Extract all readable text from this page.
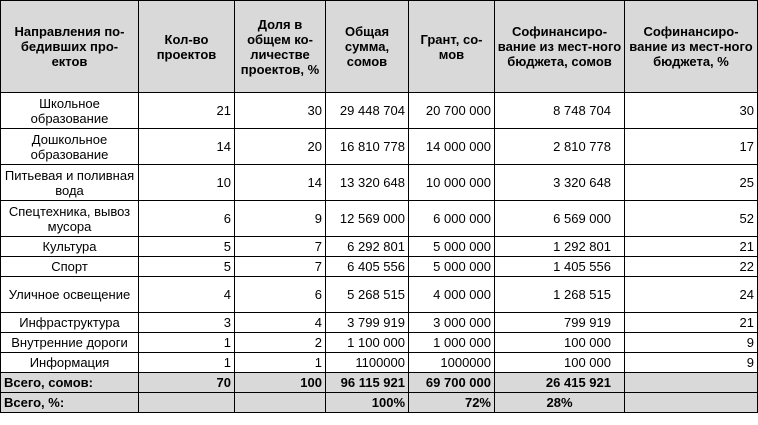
Направления по-бедивших про-ектов	Кол-во проектов	Доля в общем ко-личестве проектов, %	Общая сумма, сомов	Грант, со-мов	Софинансиро-вание из мест-ного бюджета, сомов	Софинансиро-вание из мест-ного бюджета, %
Школьное образование	21	30	29 448 704	20 700 000	8 748 704	30
Дошкольное образование	14	20	16 810 778	14 000 000	2 810 778	17
Питьевая и поливная вода	10	14	13 320 648	10 000 000	3 320 648	25
Спецтехника, вывоз мусора	6	9	12 569 000	6 000 000	6 569 000	52
Культура	5	7	6 292 801	5 000 000	1 292 801	21
Спорт	5	7	6 405 556	5 000 000	1 405 556	22
Уличное освещение	4	6	5 268 515	4 000 000	1 268 515	24
Инфраструктура	3	4	3 799 919	3 000 000	799 919	21
Внутренние дороги	1	2	1 100 000	1 000 000	100 000	9
Информация	1	1	1100000	1000000	100 000	9
Всего, сомов:	70	100	96 115 921	69 700 000	26 415 921	
Всего, %:			100%	72%	28%	
